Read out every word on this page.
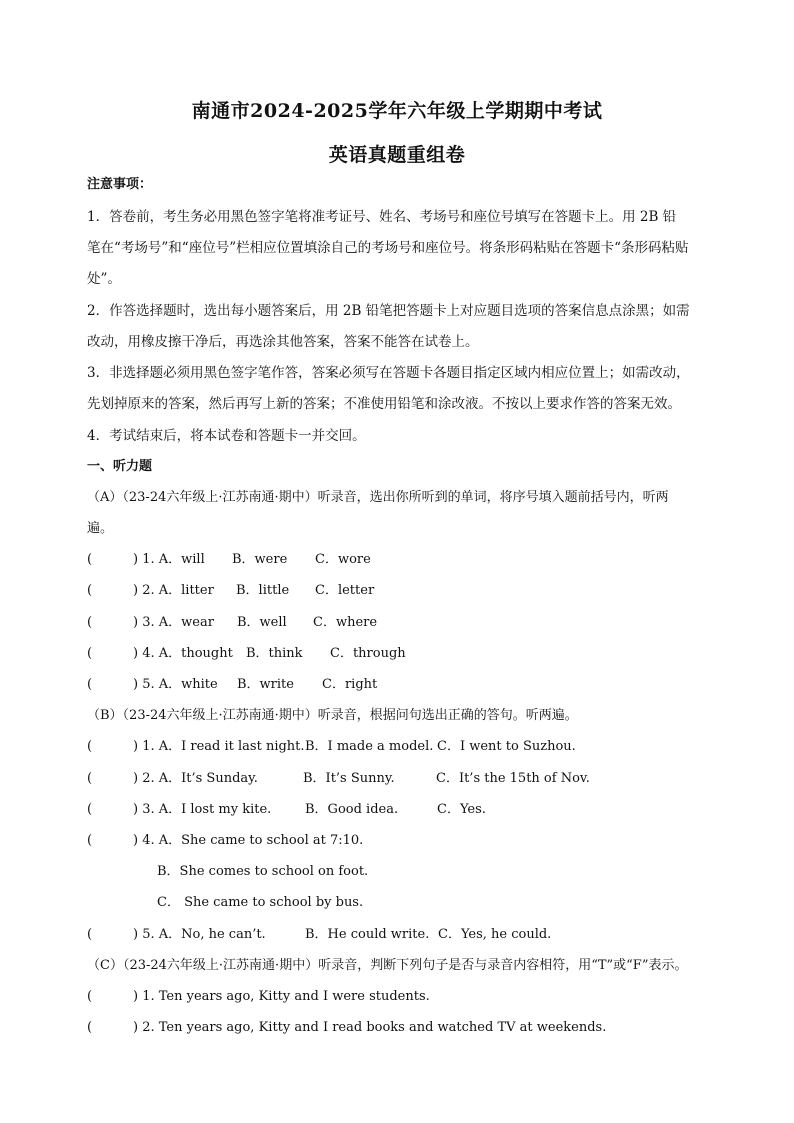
南通市2024-2025学年六年级上学期期中考试
英语真题重组卷
注意事项：
1．答卷前，考生务必用黑色签字笔将准考证号、姓名、考场号和座位号填写在答题卡上。用 2B 铅
笔在“考场号”和“座位号”栏相应位置填涂自己的考场号和座位号。将条形码粘贴在答题卡“条形码粘贴
处”。
2．作答选择题时，选出每小题答案后，用 2B 铅笔把答题卡上对应题目选项的答案信息点涂黑；如需
改动，用橡皮擦干净后，再选涂其他答案，答案不能答在试卷上。
3．非选择题必须用黑色签字笔作答，答案必须写在答题卡各题目指定区域内相应位置上；如需改动，
先划掉原来的答案，然后再写上新的答案；不准使用铅笔和涂改液。不按以上要求作答的答案无效。
4．考试结束后，将本试卷和答题卡一并交回。
一、听力题
（A）（23-24六年级上·江苏南通·期中）听录音，选出你所听到的单词，将序号填入题前括号内，听两
遍。
(	) 1. A．will B．were C．wore
(	) 2. A．litter B．little C．letter
(	) 3. A．wear B．well C．where
(	) 4. A．thought B．think C．through
(	) 5. A．white B．write C．right
（B）（23-24六年级上·江苏南通·期中）听录音，根据问句选出正确的答句。听两遍。
(	) 1. A．I read it last night. B．I made a model. C．I went to Suzhou.
(	) 2. A．It’s Sunday.	B．It’s Sunny.	C．It’s the 15th of Nov.
(	) 3. A．I lost my kite.	B．Good idea.	C．Yes.
(	) 4. A．She came to school at 7:10.
B．She comes to school on foot.
C． She came to school by bus.
(	) 5. A．No, he can’t.	B．He could write. C．Yes, he could.
（C）（23-24六年级上·江苏南通·期中）听录音，判断下列句子是否与录音内容相符，用“T”或“F”表示。
(	) 1. Ten years ago, Kitty and I were students.
(	) 2. Ten years ago, Kitty and I read books and watched TV at weekends.
